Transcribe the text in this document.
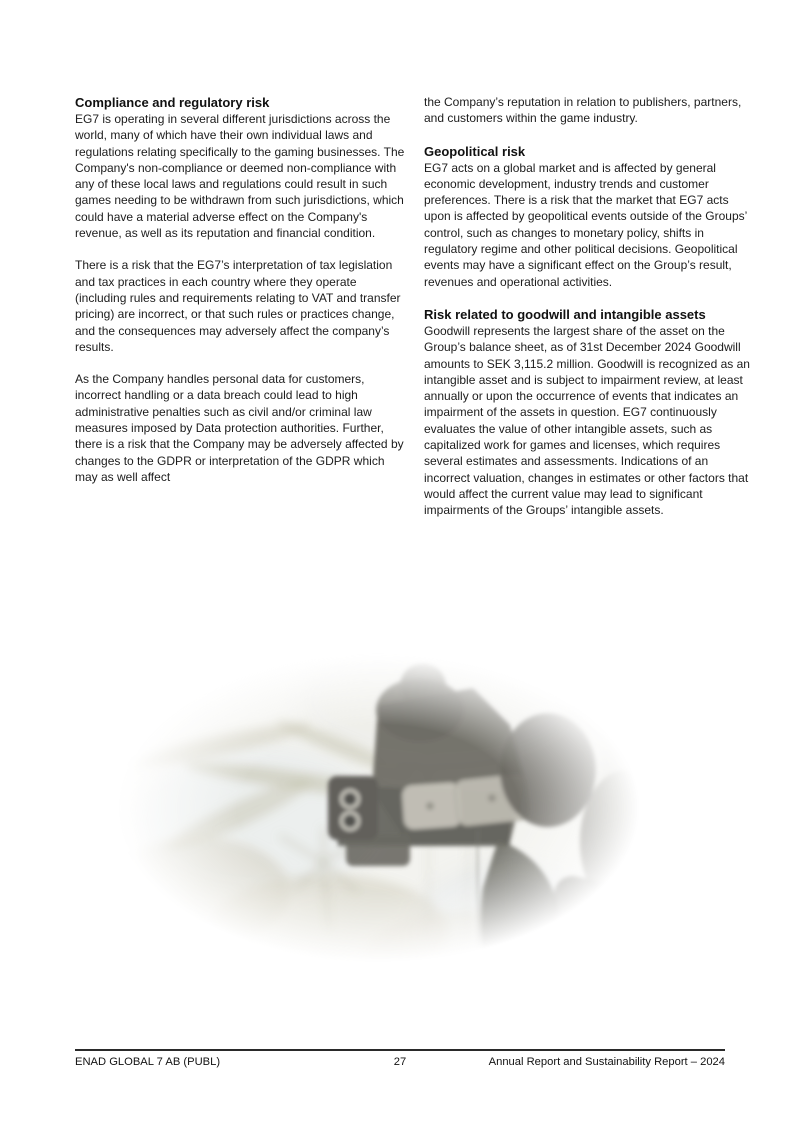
Compliance and regulatory risk

EG7 is operating in several different jurisdictions across the world, many of which have their own individual laws and regulations relating specifically to the gaming businesses. The Company's non-compliance or deemed non-compliance with any of these local laws and regulations could result in such games needing to be withdrawn from such jurisdictions, which could have a material adverse effect on the Company's revenue, as well as its reputation and financial condition.

There is a risk that the EG7’s interpretation of tax legislation and tax practices in each country where they operate (including rules and requirements relating to VAT and transfer pricing) are incorrect, or that such rules or practices change, and the consequences may adversely affect the company’s results.

As the Company handles personal data for customers, incorrect handling or a data breach could lead to high administrative penalties such as civil and/or criminal law measures imposed by Data protection authorities. Further, there is a risk that the Company may be adversely affected by changes to the GDPR or interpretation of the GDPR which may as well affect

the Company’s reputation in relation to publishers, partners, and customers within the game industry.

Geopolitical risk

EG7 acts on a global market and is affected by general economic development, industry trends and customer preferences. There is a risk that the market that EG7 acts upon is affected by geopolitical events outside of the Groups’ control, such as changes to monetary policy, shifts in regulatory regime and other political decisions. Geopolitical events may have a significant effect on the Group’s result, revenues and operational activities.

Risk related to goodwill and intangible assets

Goodwill represents the largest share of the asset on the Group’s balance sheet, as of 31st December 2024 Goodwill amounts to SEK 3,115.2 million. Goodwill is recognized as an intangible asset and is subject to impairment review, at least annually or upon the occurrence of events that indicates an impairment of the assets in question. EG7 continuously evaluates the value of other intangible assets, such as capitalized work for games and licenses, which requires several estimates and assessments. Indications of an incorrect valuation, changes in estimates or other factors that would affect the current value may lead to significant impairments of the Groups’ intangible assets.

ENAD GLOBAL 7 AB (PUBL)	27	Annual Report and Sustainability Report – 2024
